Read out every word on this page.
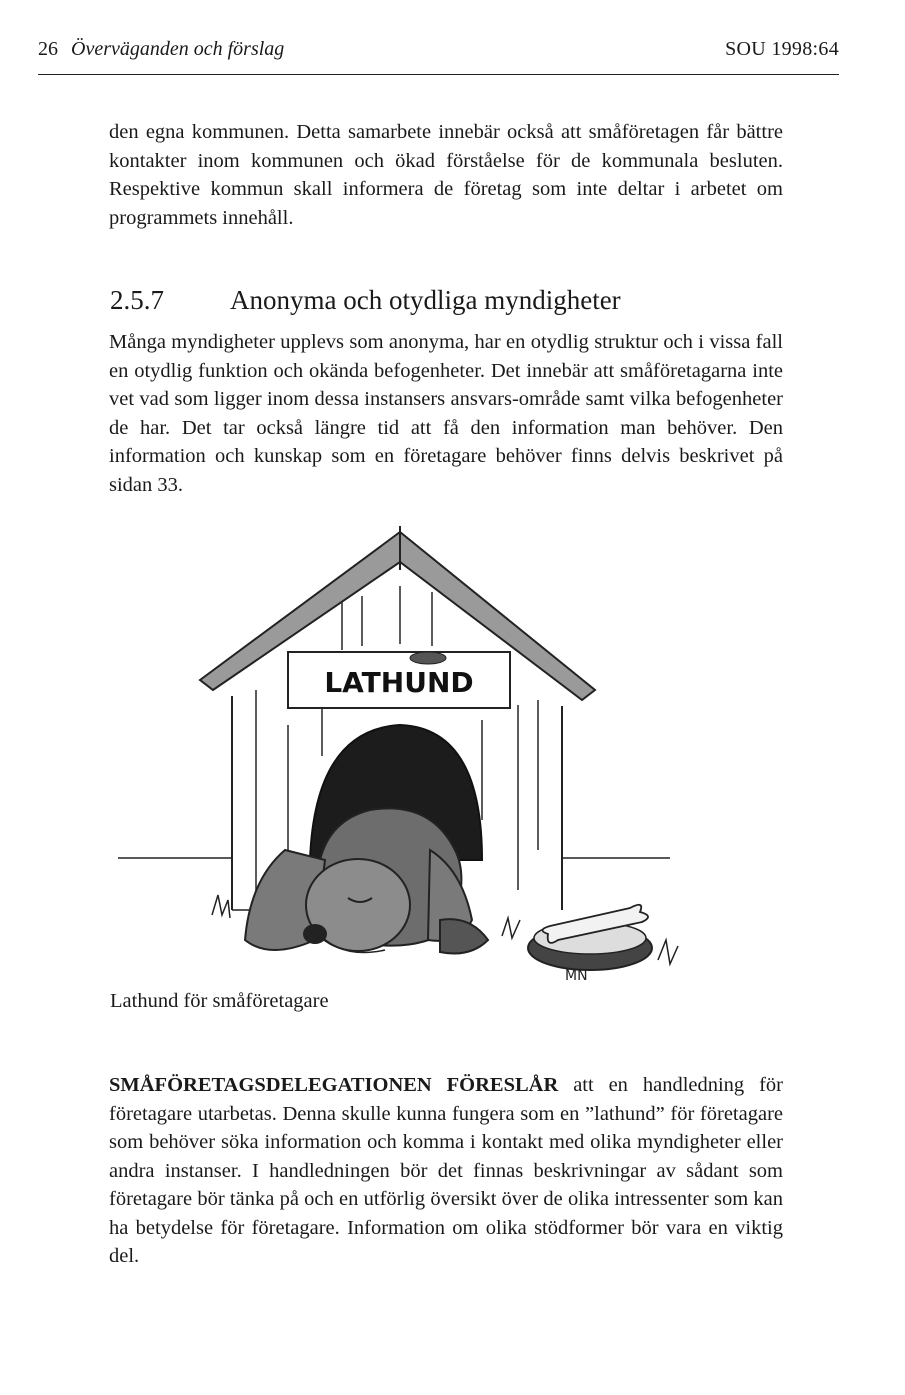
26 Överväganden och förslag	SOU 1998:64
den egna kommunen. Detta samarbete innebär också att småföretagen får bättre kontakter inom kommunen och ökad förståelse för de kommunala besluten. Respektive kommun skall informera de företag som inte deltar i arbetet om programmets innehåll.
2.5.7 Anonyma och otydliga myndigheter
Många myndigheter upplevs som anonyma, har en otydlig struktur och i vissa fall en otydlig funktion och okända befogenheter. Det innebär att småföretagarna inte vet vad som ligger inom dessa instansers ansvars-område samt vilka befogenheter de har. Det tar också längre tid att få den information man behöver. Den information och kunskap som en företagare behöver finns delvis beskrivet på sidan 33.
LATHUND
MN
Lathund för småföretagare
SMÅFÖRETAGSDELEGATIONEN FÖRESLÅR att en handledning för företagare utarbetas. Denna skulle kunna fungera som en ”lathund” för företagare som behöver söka information och komma i kontakt med olika myndigheter eller andra instanser. I handledningen bör det finnas beskrivningar av sådant som företagare bör tänka på och en utförlig översikt över de olika intressenter som kan ha betydelse för företagare. Information om olika stödformer bör vara en viktig del.
